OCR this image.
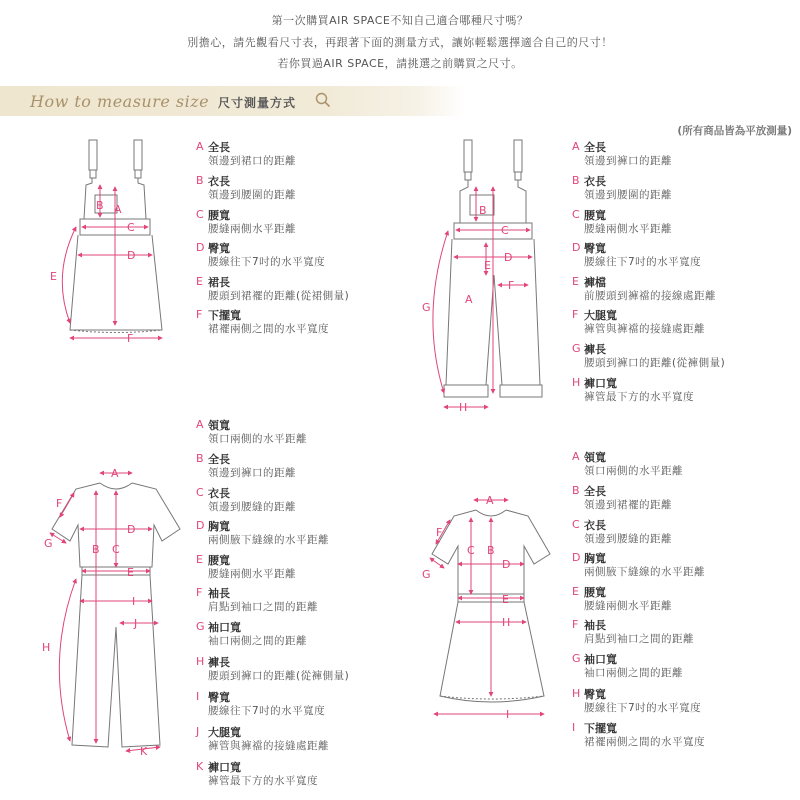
第一次購買AIR SPACE不知自己適合哪種尺寸嗎？
別擔心，請先觀看尺寸表，再跟著下面的測量方式，讓妳輕鬆選擇適合自己的尺寸！
若你買過AIR SPACE，請挑選之前購買之尺寸。
How to measure size 尺寸測量方式
(所有商品皆為平放測量)
A
B
C
D
E
F
A 全長
領邊到裙口的距離
B 衣長
領邊到腰圍的距離
C 腰寬
腰縫兩側水平距離
D 臀寬
腰線往下7吋的水平寬度
E 裙長
腰頭到裙襬的距離(從裙側量)
F 下擺寬
裙襬兩側之間的水平寬度
B
C
D
E
F
A
G
H
A 全長
領邊到褲口的距離
B 衣長
領邊到腰圍的距離
C 腰寬
腰縫兩側水平距離
D 臀寬
腰線往下7吋的水平寬度
E 褲檔
前腰頭到褲襠的接線處距離
F 大腿寬
褲管與褲襠的接縫處距離
G 褲長
腰頭到褲口的距離(從褲側量)
H 褲口寬
褲管最下方的水平寬度
A
F
G
D
B C
E
I
J
H
K
A 領寬
領口兩側的水平距離
B 全長
領邊到褲口的距離
C 衣長
領邊到腰縫的距離
D 胸寬
兩側腋下縫線的水平距離
E 腰寬
腰縫兩側水平距離
F 袖長
肩點到袖口之間的距離
G 袖口寬
袖口兩側之間的距離
H 褲長
腰頭到褲口的距離(從褲側量)
I 臀寬
腰線往下7吋的水平寬度
J 大腿寬
褲管與褲襠的接縫處距離
K 褲口寬
褲管最下方的水平寬度
A
F
G
C B
D
E
H
I
A 領寬
領口兩側的水平距離
B 全長
領邊到裙襬的距離
C 衣長
領邊到腰縫的距離
D 胸寬
兩側腋下縫線的水平距離
E 腰寬
腰縫兩側水平距離
F 袖長
肩點到袖口之間的距離
G 袖口寬
袖口兩側之間的距離
H 臀寬
腰線往下7吋的水平寬度
I 下擺寬
裙襬兩側之間的水平寬度
